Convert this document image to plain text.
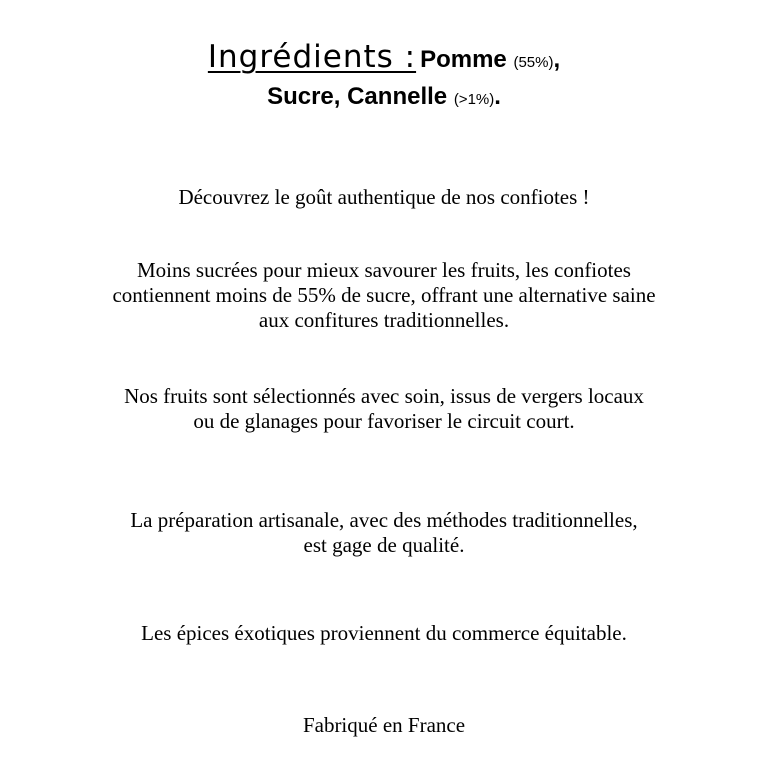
Ingrédients : Pomme (55%),
Sucre, Cannelle (>1%).

Découvrez le goût authentique de nos confiotes !

Moins sucrées pour mieux savourer les fruits, les confiotes
contiennent moins de 55% de sucre, offrant une alternative saine
aux confitures traditionnelles.

Nos fruits sont sélectionnés avec soin, issus de vergers locaux
ou de glanages pour favoriser le circuit court.

La préparation artisanale, avec des méthodes traditionnelles,
est gage de qualité.

Les épices éxotiques proviennent du commerce équitable.

Fabriqué en France
